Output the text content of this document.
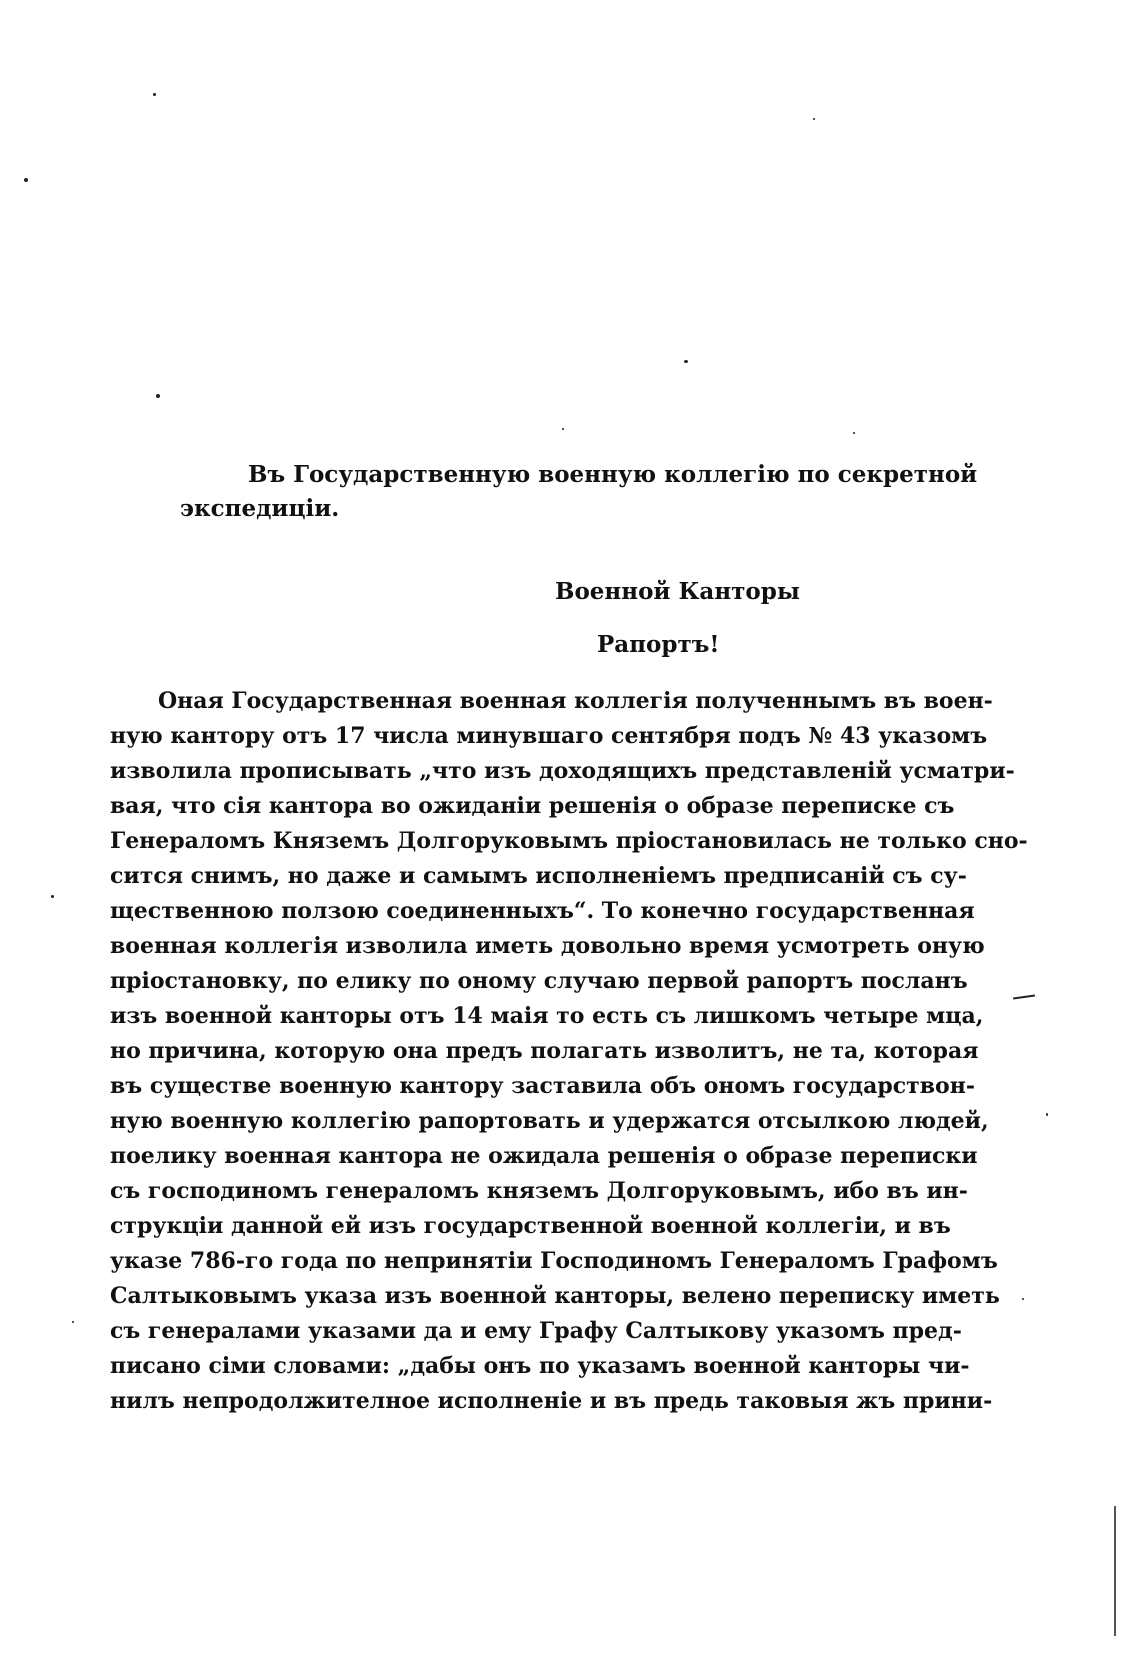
Въ Государственную военную коллегію по секретной
экспедиціи.
Военной Канторы
Рапортъ!
Оная Государственная военная коллегія полученнымъ въ воен-
ную кантору отъ 17 числа минувшаго сентября подъ № 43 указомъ
изволила прописывать „что изъ доходящихъ представленій усматри-
вая, что сія кантора во ожиданіи решенія о образе переписке съ
Генераломъ Княземъ Долгоруковымъ пріостановилась не только сно-
сится снимъ, но даже и самымъ исполненіемъ предписаній съ су-
щественною ползою соединенныхъ“. То конечно государственная
военная коллегія изволила иметь довольно время усмотреть оную
пріостановку, по елику по оному случаю первой рапортъ посланъ
изъ военной канторы отъ 14 маія то есть съ лишкомъ четыре мца,
но причина, которую она предъ полагать изволитъ, не та, которая
въ существе военную кантору заставила объ ономъ государствон-
ную военную коллегію рапортовать и удержатся отсылкою людей,
поелику военная кантора не ожидала решенія о образе переписки
съ господиномъ генераломъ княземъ Долгоруковымъ, ибо въ ин-
струкціи данной ей изъ государственной военной коллегіи, и въ
указе 786-го года по непринятіи Господиномъ Генераломъ Графомъ
Салтыковымъ указа изъ военной канторы, велено переписку иметь
съ генералами указами да и ему Графу Салтыкову указомъ пред-
писано сіми словами: „дабы онъ по указамъ военной канторы чи-
нилъ непродолжителное исполненіе и въ предь таковыя жъ прини-
